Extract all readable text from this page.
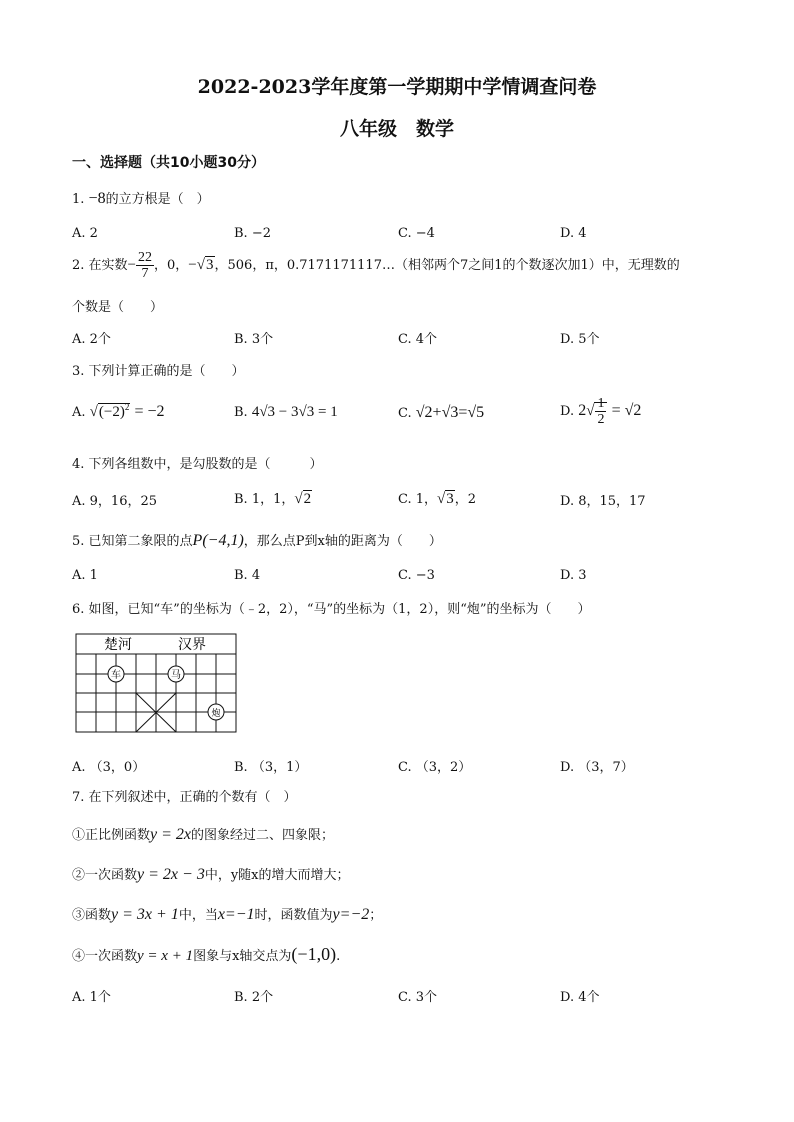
2022-2023学年度第一学期期中学情调查问卷
八年级　数学
一、选择题（共10小题30分）
1. −8的立方根是（　）
A. 2	B. −2	C. −4	D. 4
2. 在实数− $\frac{22}{7}$ ，0，−√3，506，π，0.7171171117…（相邻两个7之间1的个数逐次加1）中，无理数的
个数是（　　）
A. 2个	B. 3个	C. 4个	D. 5个
3. 下列计算正确的是（　　）
A. $√(-2)^2 = -2$	B. 4√3 − 3√3 = 1	C. √2+√3=√5	D. $2√ \frac{1}{2} = √2$
4. 下列各组数中，是勾股数的是（　　　）
A. 9，16，25	B. 1，1，√2	C. 1，√3，2	D. 8，15，17
5. 已知第二象限的点P(−4,1)，那么点P到x轴的距离为（　　）
A. 1	B. 4	C. −3	D. 3
6. 如图，已知“车”的坐标为（﹣2，2），“马”的坐标为（1，2），则“炮”的坐标为（　　）
楚河	汉界
车	马
炮
A. （3，0）	B. （3，1）	C. （3，2）	D. （3，7）
7. 在下列叙述中，正确的个数有（　）
①正比例函数y = 2x的图象经过二、四象限；
②一次函数y = 2x − 3中，y随x的增大而增大；
③函数y = 3x + 1中，当x=−1时，函数值为y=−2；
④一次函数y = x + 1图象与x轴交点为(−1,0).
A. 1个	B. 2个	C. 3个	D. 4个
